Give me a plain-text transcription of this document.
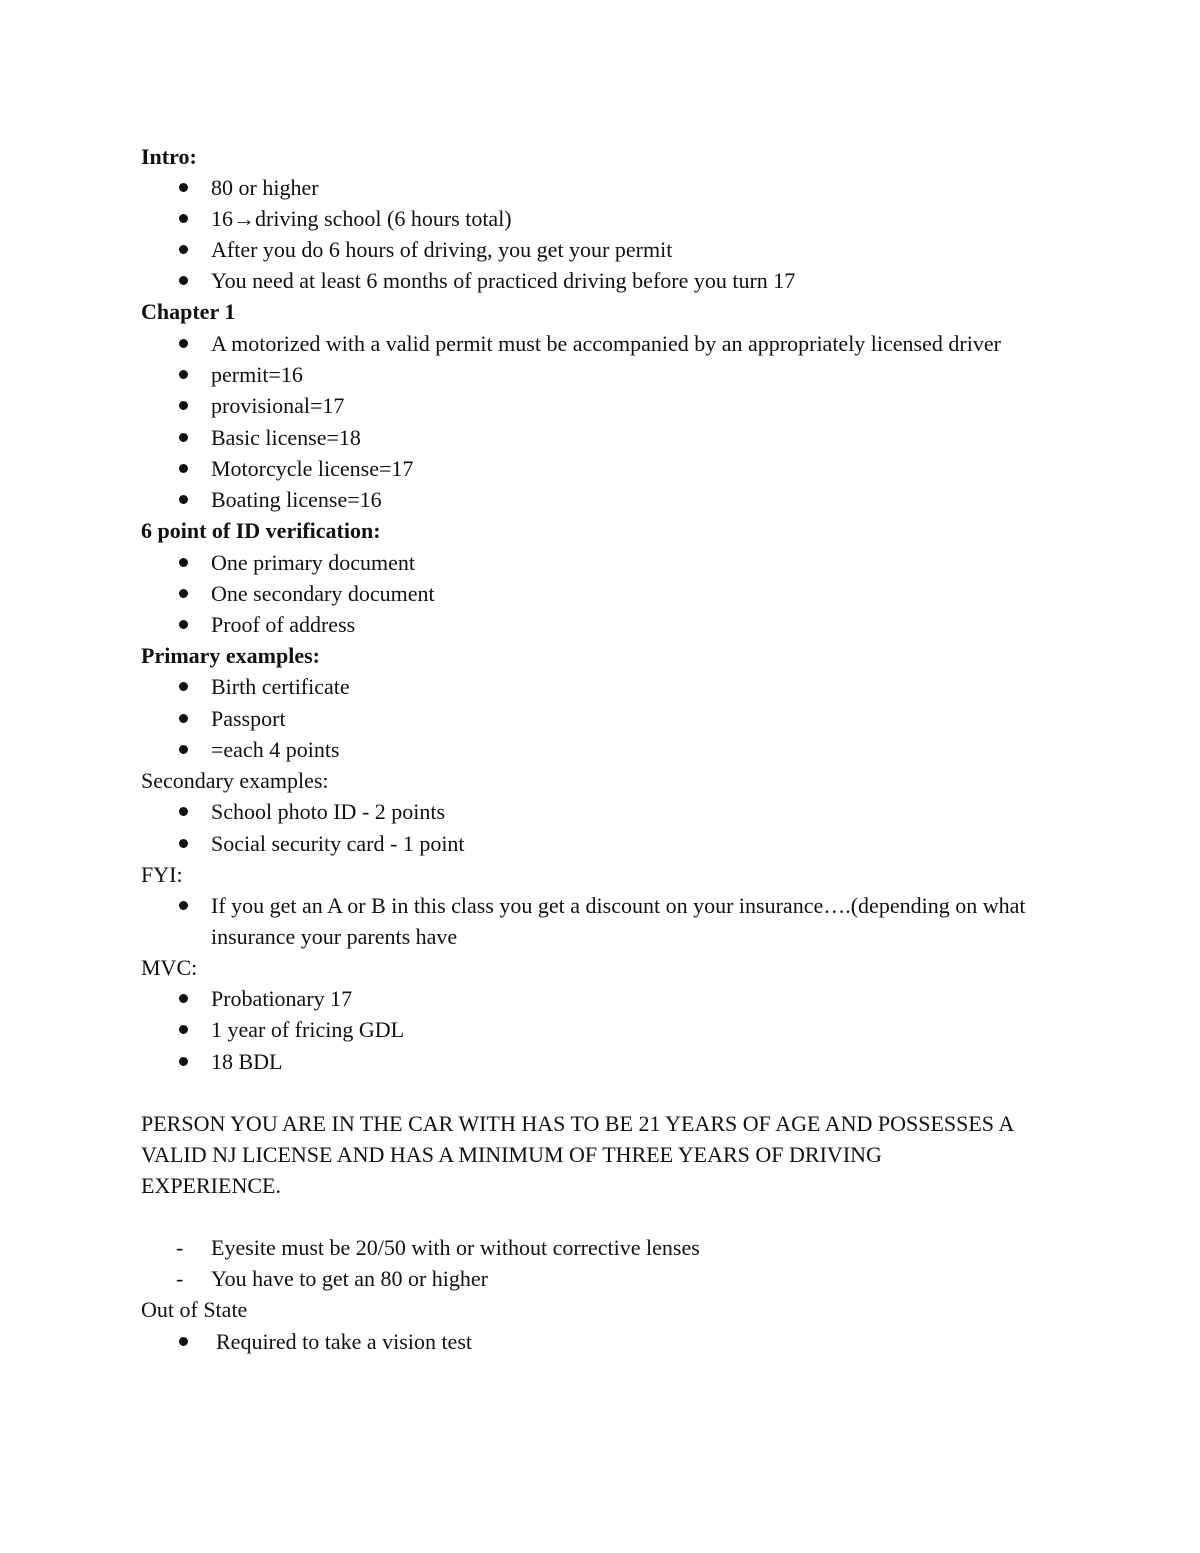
Intro:
80 or higher
16→driving school (6 hours total)
After you do 6 hours of driving, you get your permit
You need at least 6 months of practiced driving before you turn 17
Chapter 1
A motorized with a valid permit must be accompanied by an appropriately licensed driver
permit=16
provisional=17
Basic license=18
Motorcycle license=17
Boating license=16
6 point of ID verification:
One primary document
One secondary document
Proof of address
Primary examples:
Birth certificate
Passport
=each 4 points
Secondary examples:
School photo ID - 2 points
Social security card - 1 point
FYI:
If you get an A or B in this class you get a discount on your insurance….(depending on what insurance your parents have
MVC:
Probationary 17
1 year of fricing GDL
18 BDL
PERSON YOU ARE IN THE CAR WITH HAS TO BE 21 YEARS OF AGE AND POSSESSES A VALID NJ LICENSE AND HAS A MINIMUM OF THREE YEARS OF DRIVING EXPERIENCE.
- Eyesite must be 20/50 with or without corrective lenses
- You have to get an 80 or higher
Out of State
Required to take a vision test
